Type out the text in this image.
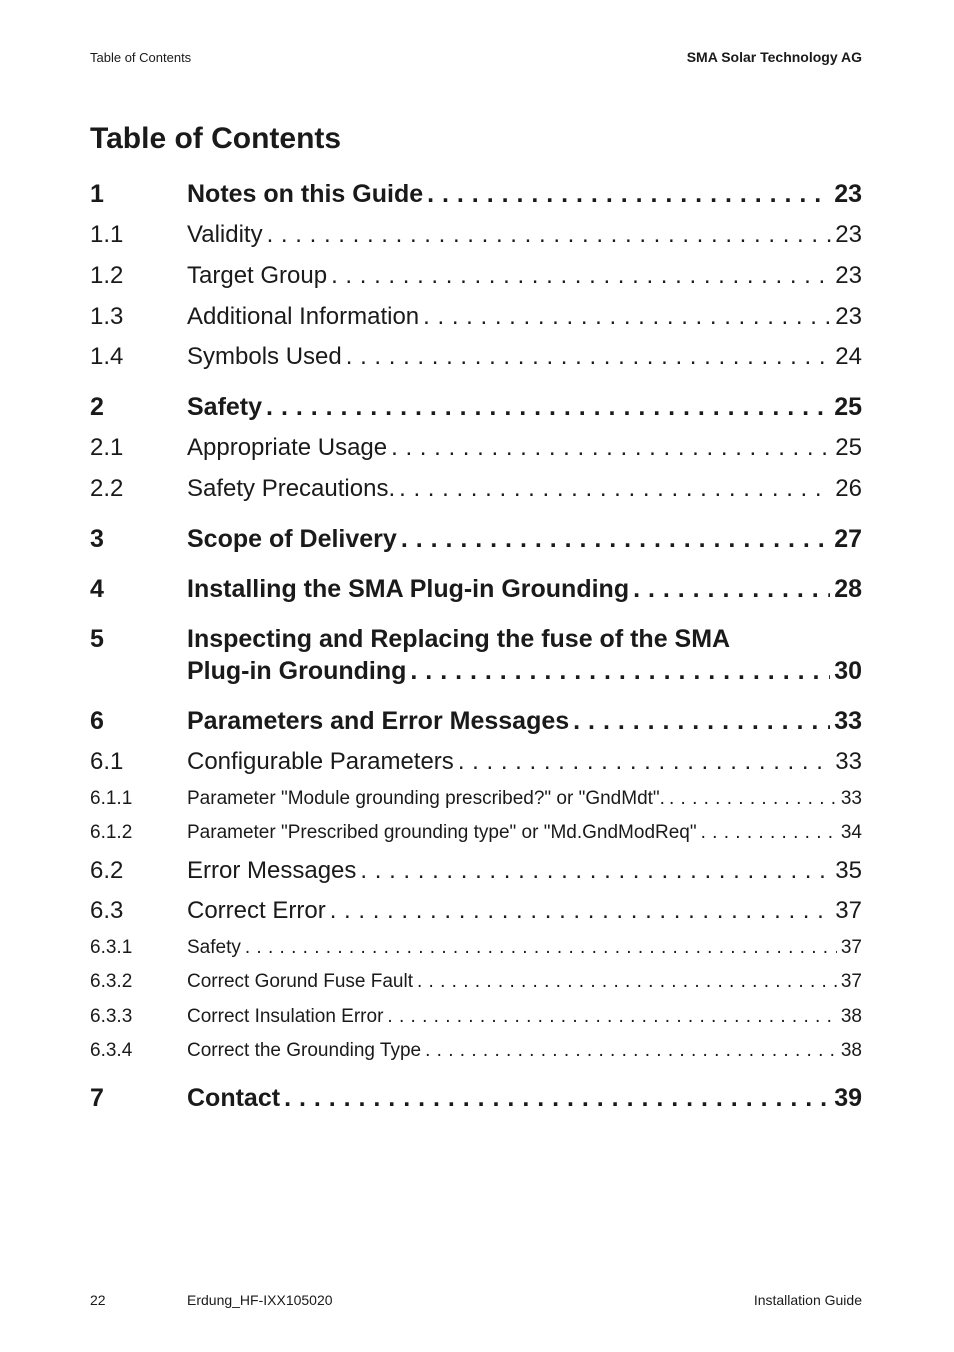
Table of Contents	SMA Solar Technology AG
Table of Contents
1	Notes on this Guide . . .	23
1.1	Validity . . .	23
1.2	Target Group . . .	23
1.3	Additional Information . . .	23
1.4	Symbols Used . . .	24
2	Safety . . .	25
2.1	Appropriate Usage . . .	25
2.2	Safety Precautions. . . .	26
3	Scope of Delivery . . .	27
4	Installing the SMA Plug-in Grounding . . .	28
5	Inspecting and Replacing the fuse of the SMA
Plug-in Grounding . . .	30
6	Parameters and Error Messages . . .	33
6.1	Configurable Parameters . . .	33
6.1.1	Parameter "Module grounding prescribed?" or "GndMdt". . . .	33
6.1.2	Parameter "Prescribed grounding type" or "Md.GndModReq" . . .	34
6.2	Error Messages . . .	35
6.3	Correct Error . . .	37
6.3.1	Safety . . .	37
6.3.2	Correct Gorund Fuse Fault . . .	37
6.3.3	Correct Insulation Error . . .	38
6.3.4	Correct the Grounding Type . . .	38
7	Contact . . .	39
22	Erdung_HF-IXX105020	Installation Guide
